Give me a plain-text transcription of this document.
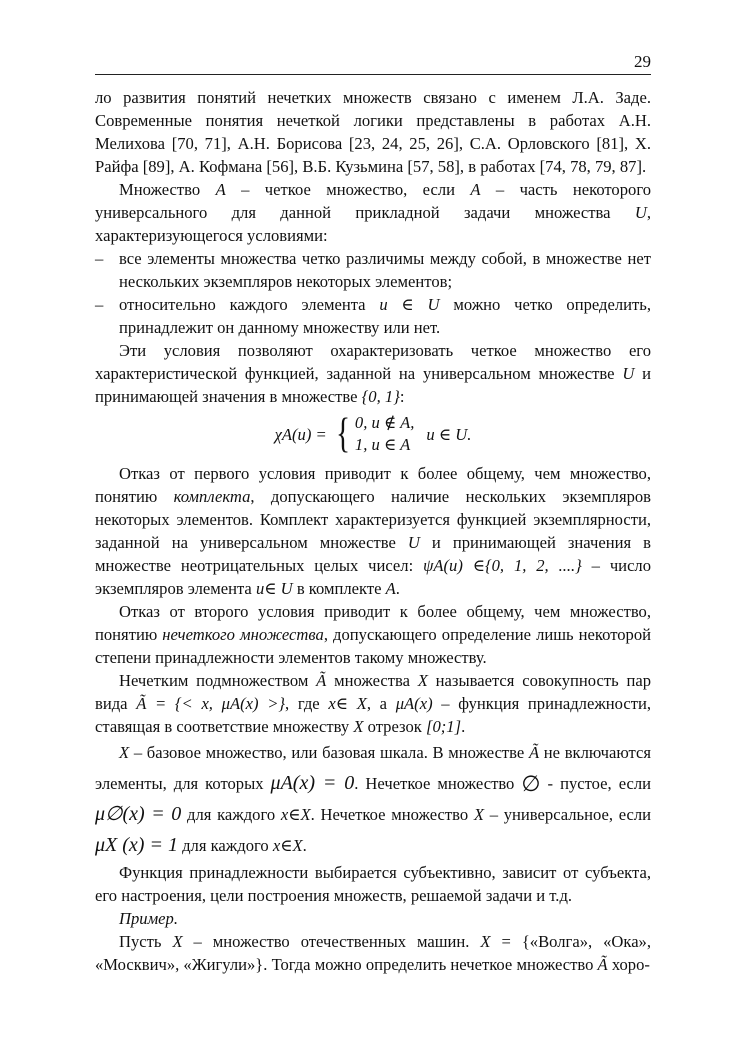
29

ло развития понятий нечетких множеств связано с именем Л.А. Заде. Современные понятия нечеткой логики представлены в работах А.Н. Мелихова [70, 71], А.Н. Борисова [23, 24, 25, 26], С.А. Орловского [81], Х. Райфа [89], А. Кофмана [56], В.Б. Кузьмина [57, 58], в работах [74, 78, 79, 87].

Множество A – четкое множество, если A – часть некоторого универсального для данной прикладной задачи множества U, характеризующегося условиями:

– все элементы множества четко различимы между собой, в множестве нет нескольких экземпляров некоторых элементов;
– относительно каждого элемента u ∈ U можно четко определить, принадлежит он данному множеству или нет.

Эти условия позволяют охарактеризовать четкое множество его характеристической функцией, заданной на универсальном множестве U и принимающей значения в множестве {0, 1}:

χA(u) = { 0, u ∉ A,
1, u ∈ A
u ∈ U.

Отказ от первого условия приводит к более общему, чем множество, понятию комплекта, допускающего наличие нескольких экземпляров некоторых элементов. Комплект характеризуется функцией экземплярности, заданной на универсальном множестве U и принимающей значения в множестве неотрицательных целых чисел: ψA(u) ∈{0, 1, 2, ....} – число экземпляров элемента u∈ U в комплекте A.

Отказ от второго условия приводит к более общему, чем множество, понятию нечеткого множества, допускающего определение лишь некоторой степени принадлежности элементов такому множеству.

Нечетким подмножеством Ã множества X называется совокупность пар вида Ã = {< x, μA(x) >}, где x∈ X, а μA(x) – функция принадлежности, ставящая в соответствие множеству X отрезок [0;1].

X – базовое множество, или базовая шкала. В множестве Ã не включаются элементы, для которых μA(x) = 0. Нечеткое множество ∅ - пустое, если μ∅(x) = 0 для каждого x∈X. Нечеткое множество X – универсальное, если μX (x) = 1 для каждого x∈X.

Функция принадлежности выбирается субъективно, зависит от субъекта, его настроения, цели построения множеств, решаемой задачи и т.д.

Пример.

Пусть X – множество отечественных машин. X = {«Волга», «Ока», «Москвич», «Жигули»}. Тогда можно определить нечеткое множество Ã хоро-
